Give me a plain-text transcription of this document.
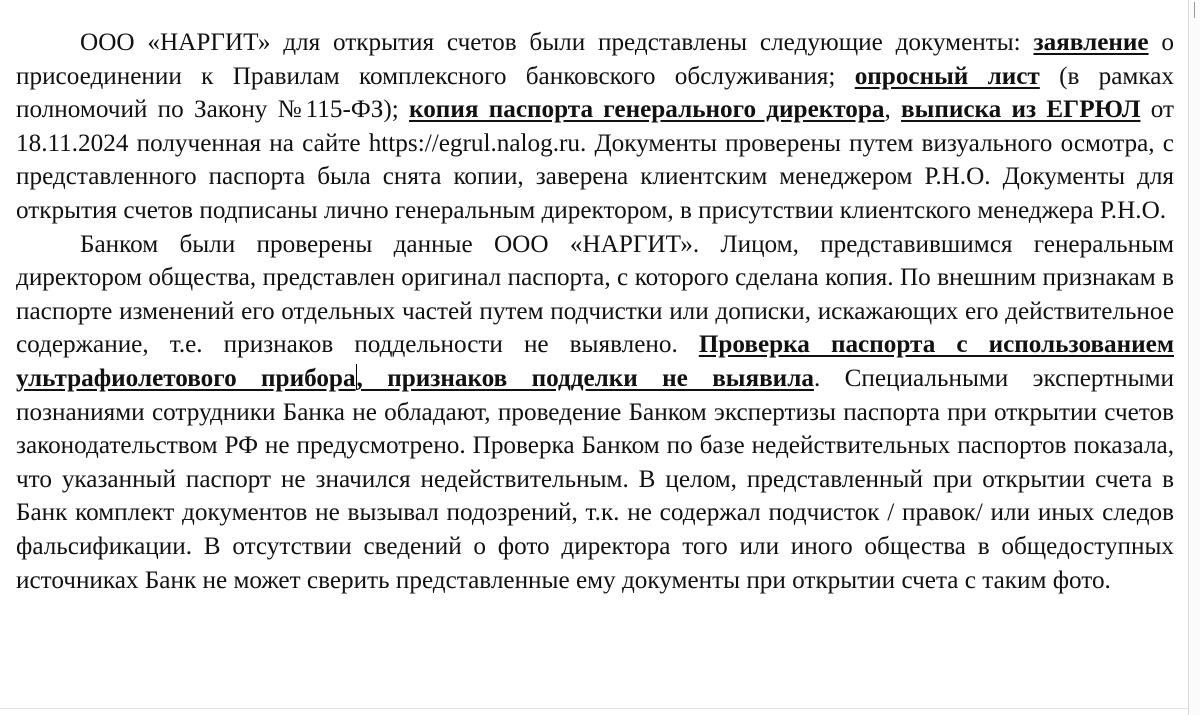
ООО «НАРГИТ» для открытия счетов были представлены следующие документы: заявление о присоединении к Правилам комплексного банковского обслуживания; опросный лист (в рамках полномочий по Закону №115-ФЗ); копия паспорта генерального директора, выписка из ЕГРЮЛ от 18.11.2024 полученная на сайте https://egrul.nalog.ru. Документы проверены путем визуального осмотра, с представленного паспорта была снята копии, заверена клиентским менеджером Р.Н.О. Документы для открытия счетов подписаны лично генеральным директором, в присутствии клиентского менеджера Р.Н.О.

Банком были проверены данные ООО «НАРГИТ». Лицом, представившимся генеральным директором общества, представлен оригинал паспорта, с которого сделана копия. По внешним признакам в паспорте изменений его отдельных частей путем подчистки или дописки, искажающих его действительное содержание, т.е. признаков поддельности не выявлено. Проверка паспорта с использованием ультрафиолетового прибора, признаков подделки не выявила. Специальными экспертными познаниями сотрудники Банка не обладают, проведение Банком экспертизы паспорта при открытии счетов законодательством РФ не предусмотрено. Проверка Банком по базе недействительных паспортов показала, что указанный паспорт не значился недействительным. В целом, представленный при открытии счета в Банк комплект документов не вызывал подозрений, т.к. не содержал подчисток / правок/ или иных следов фальсификации. В отсутствии сведений о фото директора того или иного общества в общедоступных источниках Банк не может сверить представленные ему документы при открытии счета с таким фото.
